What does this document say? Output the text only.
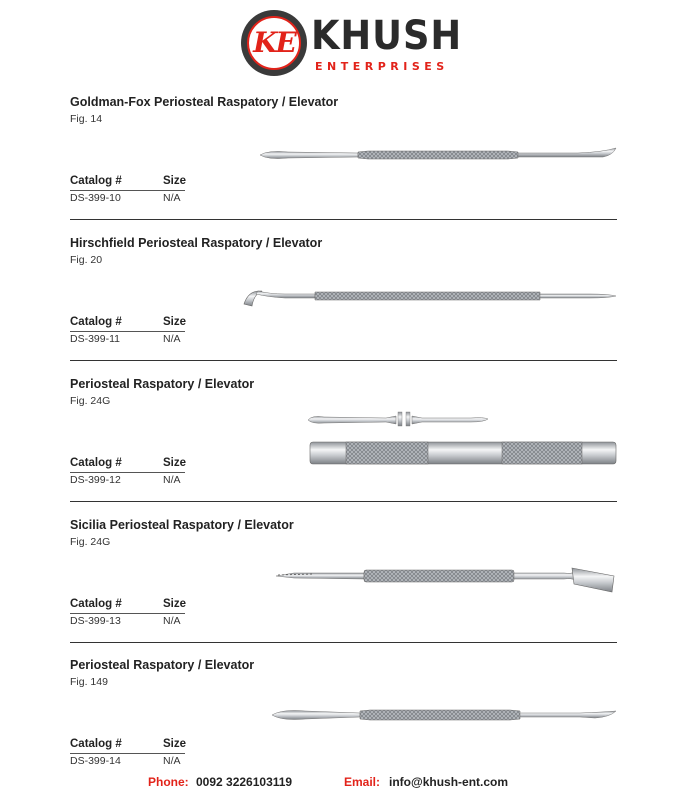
KE KHUSH
ENTERPRISES
Goldman-Fox Periosteal Raspatory / Elevator
Fig. 14
Catalog #	Size
DS-399-10	N/A
Hirschfield Periosteal Raspatory / Elevator
Fig. 20
Catalog #	Size
DS-399-11	N/A
Periosteal Raspatory / Elevator
Fig. 24G
Catalog #	Size
DS-399-12	N/A
Sicilia Periosteal Raspatory / Elevator
Fig. 24G
Catalog #	Size
DS-399-13	N/A
Periosteal Raspatory / Elevator
Fig. 149
Catalog #	Size
DS-399-14	N/A
Phone: 0092 3226103119	Email: info@khush-ent.com
